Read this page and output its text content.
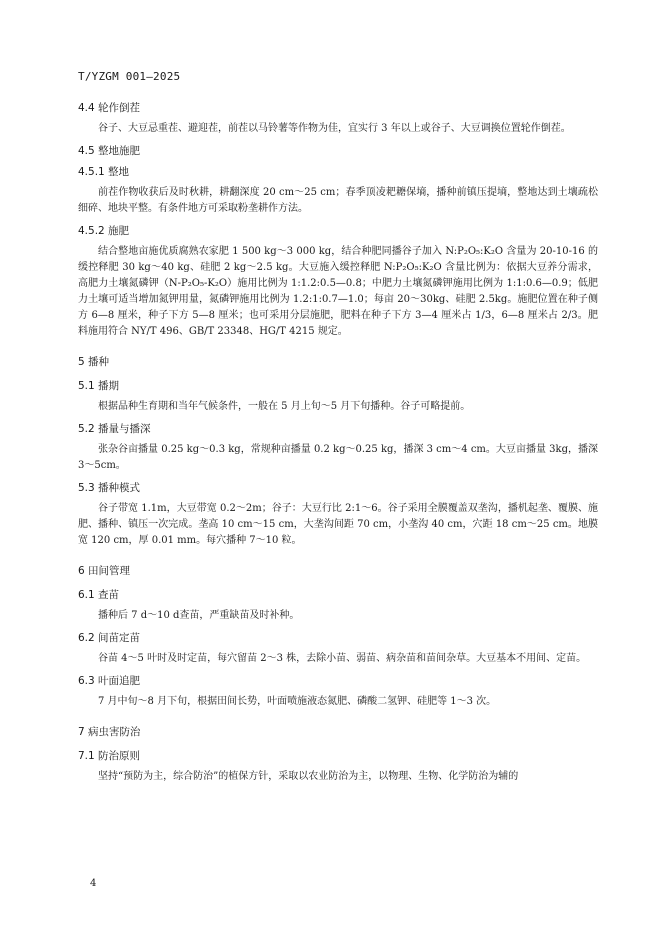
T/YZGM 001—2025
4.4 轮作倒茬

谷子、大豆忌重茬、避迎茬，前茬以马铃薯等作物为佳，宜实行 3 年以上或谷子、大豆调换位置轮作倒茬。

4.5 整地施肥
4.5.1 整地

前茬作物收获后及时秋耕，耕翻深度 20 cm～25 cm；春季顶凌耙耱保墒，播种前镇压提墒，整地达到土壤疏松细碎、地块平整。有条件地方可采取粉垄耕作方法。

4.5.2 施肥

结合整地亩施优质腐熟农家肥 1 500 kg～3 000 kg，结合种肥同播谷子加入 N:P₂O₅:K₂O 含量为 20-10-16 的缓控释肥 30 kg～40 kg、硅肥 2 kg～2.5 kg。大豆施入缓控释肥 N:P₂O₅:K₂O 含量比例为：依据大豆养分需求，高肥力土壤氮磷钾（N-P₂O₅-K₂O）施用比例为 1:1.2:0.5—0.8；中肥力土壤氮磷钾施用比例为 1:1:0.6—0.9；低肥力土壤可适当增加氮钾用量，氮磷钾施用比例为 1.2:1:0.7—1.0；每亩 20～30kg、硅肥 2.5kg。施肥位置在种子侧方 6—8 厘米，种子下方 5—8 厘米；也可采用分层施肥，肥料在种子下方 3—4 厘米占 1/3，6—8 厘米占 2/3。肥料施用符合 NY/T 496、GB/T 23348、HG/T 4215 规定。

5 播种
5.1 播期

根据品种生育期和当年气候条件，一般在 5 月上旬～5 月下旬播种。谷子可略提前。

5.2 播量与播深

张杂谷亩播量 0.25 kg～0.3 kg，常规种亩播量 0.2 kg～0.25 kg，播深 3 cm～4 cm。大豆亩播量 3kg，播深 3～5cm。

5.3 播种模式

谷子带宽 1.1m，大豆带宽 0.2～2m；谷子：大豆行比 2:1～6。谷子采用全膜覆盖双垄沟，播机起垄、覆膜、施肥、播种、镇压一次完成。垄高 10 cm～15 cm，大垄沟间距 70 cm，小垄沟 40 cm，穴距 18 cm～25 cm。地膜宽 120 cm，厚 0.01 mm。每穴播种 7～10 粒。

6 田间管理
6.1 查苗

播种后 7 d～10 d查苗，严重缺苗及时补种。

6.2 间苗定苗

谷苗 4～5 叶时及时定苗，每穴留苗 2～3 株，去除小苗、弱苗、病杂苗和苗间杂草。大豆基本不用间、定苗。

6.3 叶面追肥

7 月中旬～8 月下旬，根据田间长势，叶面喷施液态氮肥、磷酸二氢钾、硅肥等 1～3 次。

7 病虫害防治
7.1 防治原则

坚持“预防为主，综合防治”的植保方针，采取以农业防治为主，以物理、生物、化学防治为辅的

4
